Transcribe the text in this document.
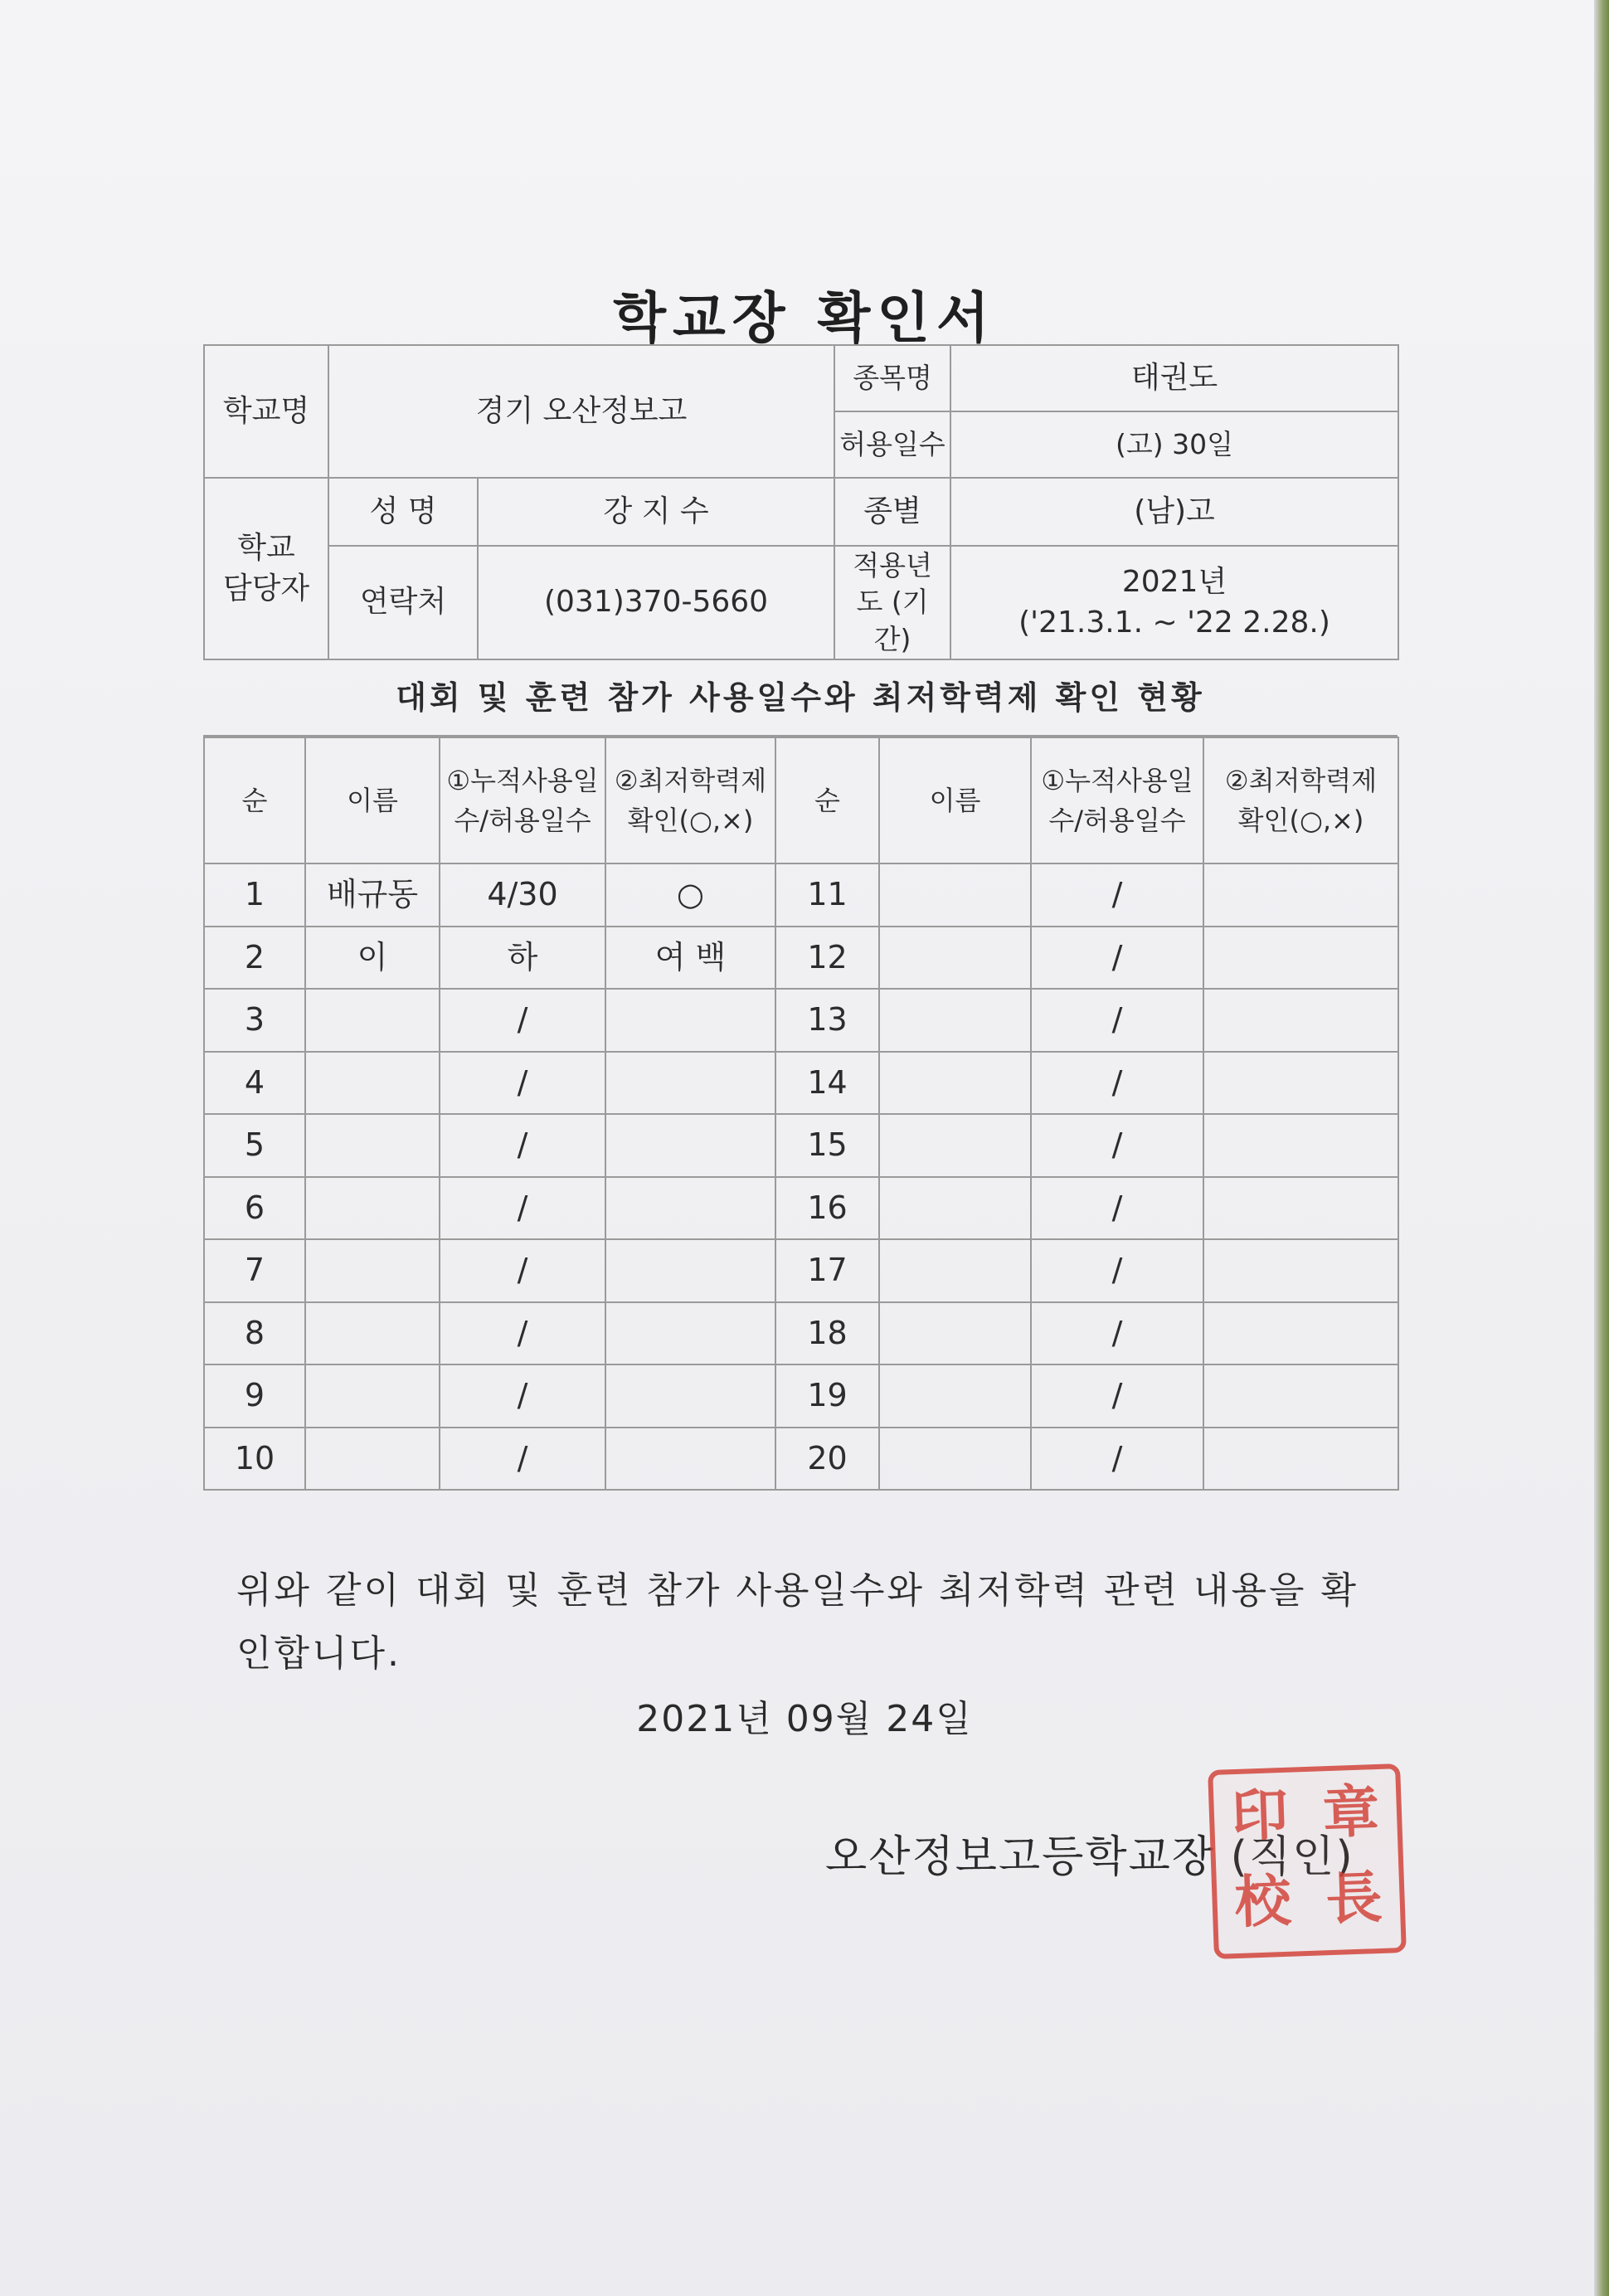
학교장 확인서
학교명	경기 오산정보고		종목명	태권도
			허용일수	(고) 30일
학교 담당자	성 명	강 지 수	종별	(남)고
	연락처	(031)370-5660	적용년도 (기간)	2021년
('21.3.1. ~ '22 2.28.)
대회 및 훈련 참가 사용일수와 최저학력제 확인 현황
순	이름	①누적사용일 수/허용일수	②최저학력제 확인(○,×)	순	이름	①누적사용일 수/허용일수	②최저학력제 확인(○,×)
1	배규동	4/30	○	11		/	
2	이	하	여 백	12		/	
3		/		13		/	
4		/		14		/	
5		/		15		/	
6		/		16		/	
7		/		17		/	
8		/		18		/	
9		/		19		/	
10		/		20		/	
위와 같이 대회 및 훈련 참가 사용일수와 최저학력 관련 내용을 확인합니다.
2021년 09월 24일
오산정보고등학교장 (직인)
印 章
校 長
